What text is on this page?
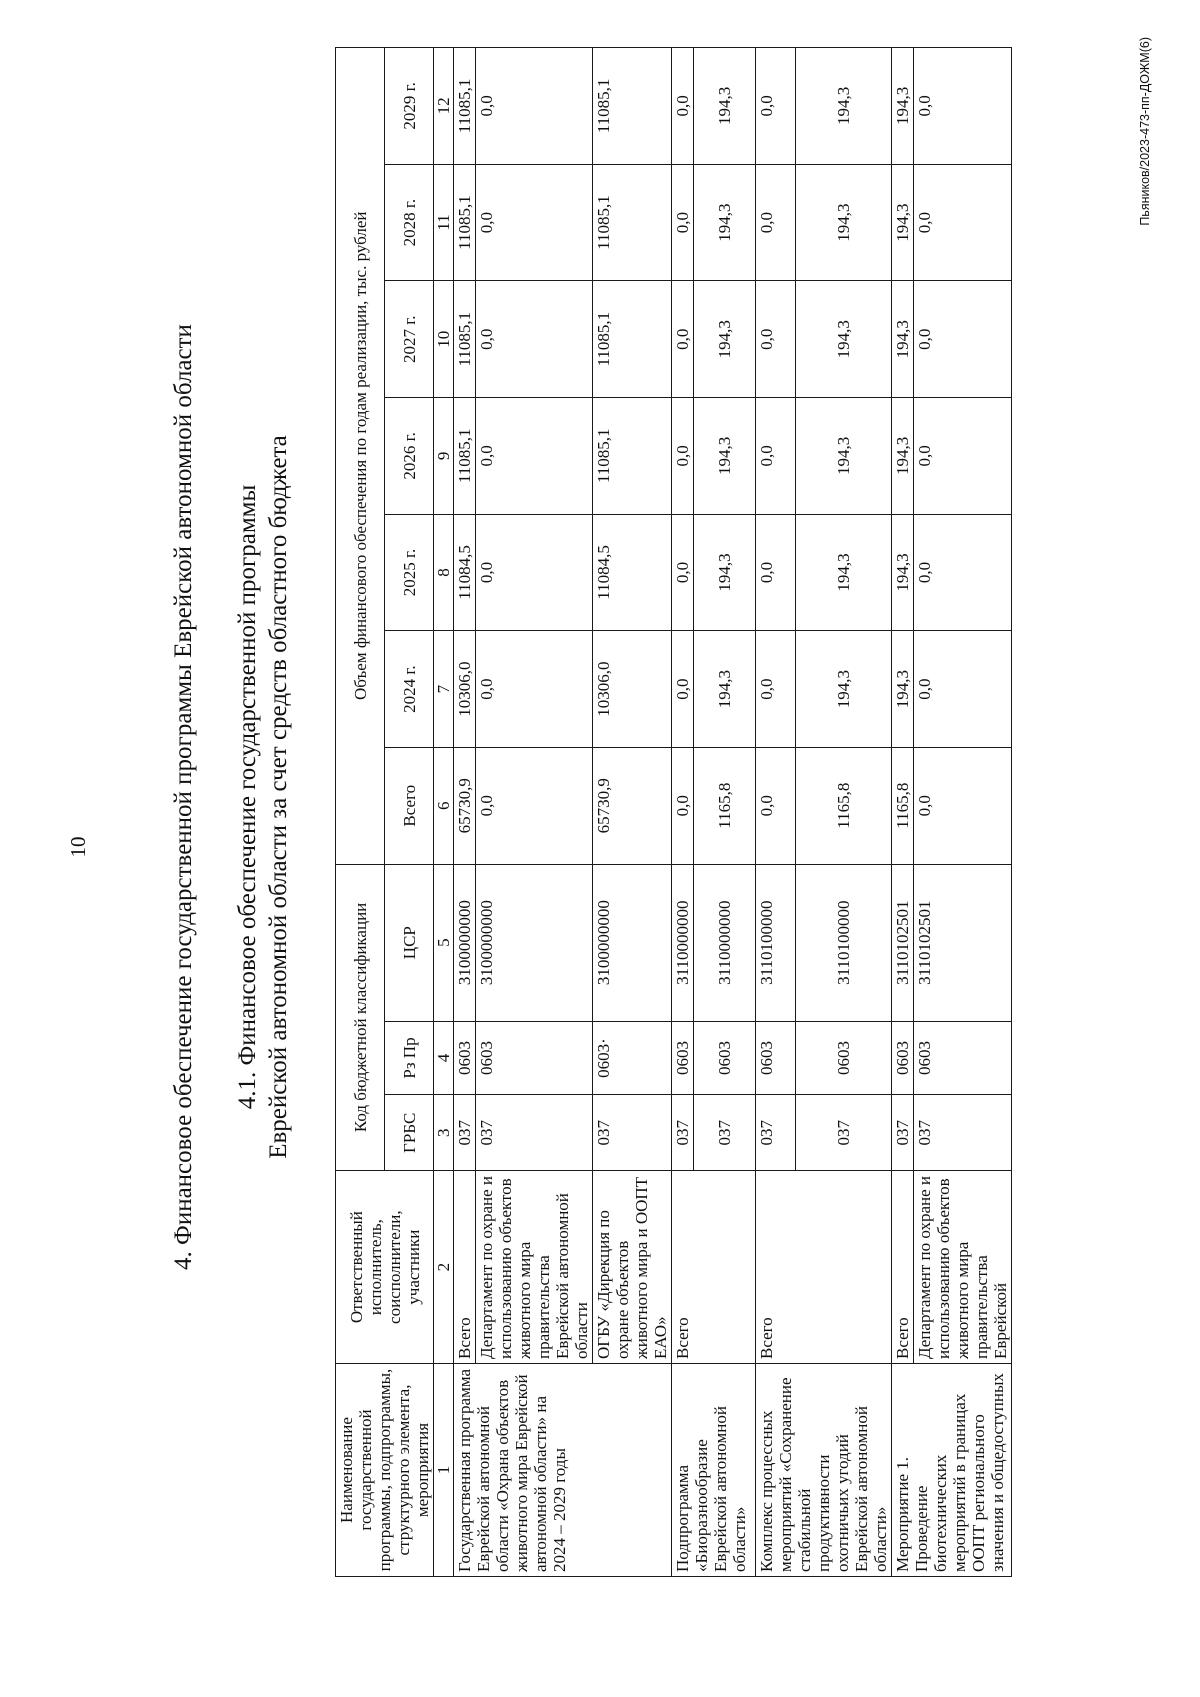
10	4. Финансовое обеспечение государственной программы Еврейской автономной области 4.1. Финансовое обеспечение государственной программы Еврейской автономной области за счет средств областного бюджета
Наименование государственной программы, подпрограммы, структурного элемента, мероприятия	Ответственный исполнитель, соисполнители, участники	Код бюджетной классификации			Объем финансового обеспечения по годам реализации, тыс. рублей						
		ГРБС	Рз Пр	ЦСР	Всего	2024 г.	2025 г.	2026 г.	2027 г.	2028 г.	2029 г.
1	2	3	4	5	6	7	8	9	10	11	12
Государственная программа Еврейской автономной области «Охрана объектов животного мира Еврейской автономной области» на 2024 – 2029 годы	Всего	037	0603	3100000000	65730,9	10306,0	11084,5	11085,1	11085,1	11085,1	11085,1
	Департамент по охране и использованию объектов животного мира правительства Еврейской автономной области	037	0603	3100000000	0,0	0,0	0,0	0,0	0,0	0,0	0,0
	ОГБУ «Дирекция по охране объектов животного мира и ООПТ ЕАО»	037	0603·	3100000000	65730,9	10306,0	11084,5	11085,1	11085,1	11085,1	11085,1
Подпрограмма «Биоразнообразие Еврейской автономной области»	Всего	037	0603	3110000000	0,0	0,0	0,0	0,0	0,0	0,0	0,0
		037	0603	3110000000	1165,8	194,3	194,3	194,3	194,3	194,3	194,3
Комплекс процессных мероприятий «Сохранение стабильной продуктивности охотничьих угодий Еврейской автономной области»	Всего	037	0603	3110100000	0,0	0,0	0,0	0,0	0,0	0,0	0,0
		037	0603	3110100000	1165,8	194,3	194,3	194,3	194,3	194,3	194,3
Мероприятие 1. Проведение биотехнических мероприятий в границах ООПТ регионального значения и общедоступных	Всего	037	0603	3110102501	1165,8	194,3	194,3	194,3	194,3	194,3	194,3
	Департамент по охране и использованию объектов животного мира правительства Еврейской	037	0603	3110102501	0,0	0,0	0,0	0,0	0,0	0,0	0,0	Пьяников/2023-473-пп-ДОЖМ(6)
